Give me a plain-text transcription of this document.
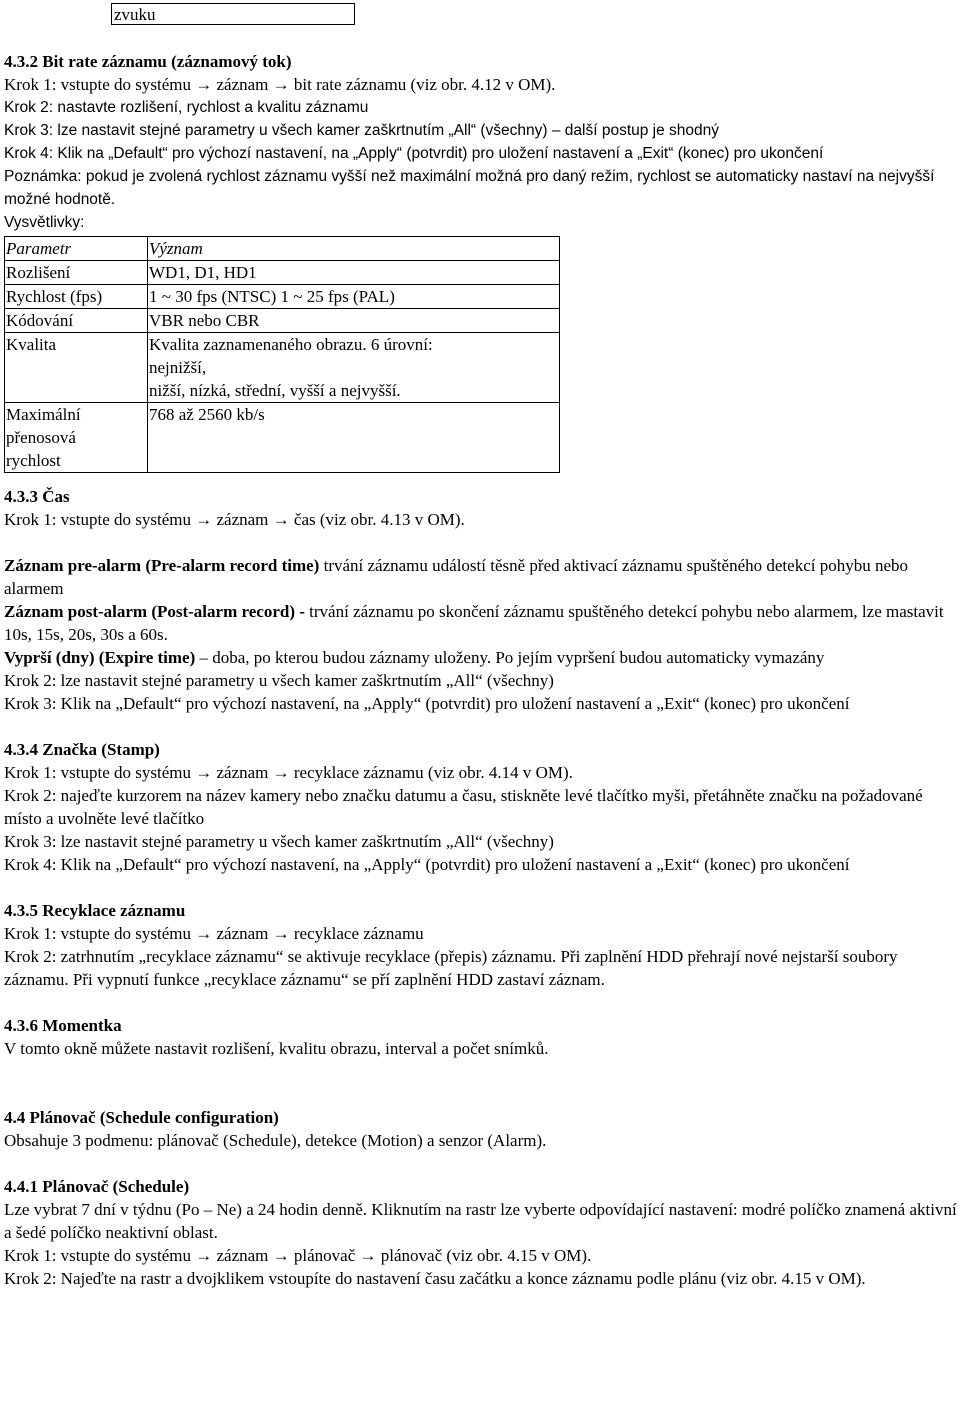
zvuku
4.3.2 Bit rate záznamu (záznamový tok)
Krok 1: vstupte do systému → záznam → bit rate záznamu (viz obr. 4.12 v OM).
Krok 2: nastavte rozlišení, rychlost a kvalitu záznamu
Krok 3: lze nastavit stejné parametry u všech kamer zaškrtnutím „All“ (všechny) – další postup je shodný
Krok 4: Klik na „Default“ pro výchozí nastavení, na „Apply“ (potvrdit) pro uložení nastavení a „Exit“ (konec) pro ukončení
Poznámka: pokud je zvolená rychlost záznamu vyšší než maximální možná pro daný režim, rychlost se automaticky nastaví na nejvyšší možné hodnotě.
Vysvětlivky:
Parametr	Význam
Rozlišení	WD1, D1, HD1
Rychlost (fps)	1 ~ 30 fps (NTSC) 1 ~ 25 fps (PAL)
Kódování	VBR nebo CBR
Kvalita	Kvalita zaznamenaného obrazu. 6 úrovní:
nejnižší,
nižší, nízká, střední, vyšší a nejvyšší.

Maximální
přenosová
rychlost	768 až 2560 kb/s
4.3.3 Čas
Krok 1: vstupte do systému → záznam → čas (viz obr. 4.13 v OM).
Záznam pre-alarm (Pre-alarm record time) trvání záznamu událostí těsně před aktivací záznamu spuštěného detekcí pohybu nebo alarmem
Záznam post-alarm (Post-alarm record) - trvání záznamu po skončení záznamu spuštěného detekcí pohybu nebo alarmem, lze mastavit 10s, 15s, 20s, 30s a 60s.
Vyprší (dny) (Expire time) – doba, po kterou budou záznamy uloženy. Po jejím vypršení budou automaticky vymazány
Krok 2: lze nastavit stejné parametry u všech kamer zaškrtnutím „All“ (všechny)
Krok 3: Klik na „Default“ pro výchozí nastavení, na „Apply“ (potvrdit) pro uložení nastavení a „Exit“ (konec) pro ukončení
4.3.4 Značka (Stamp)
Krok 1: vstupte do systému → záznam → recyklace záznamu (viz obr. 4.14 v OM).
Krok 2: najeďte kurzorem na název kamery nebo značku datumu a času, stiskněte levé tlačítko myši, přetáhněte značku na požadované místo a uvolněte levé tlačítko
Krok 3: lze nastavit stejné parametry u všech kamer zaškrtnutím „All“ (všechny)
Krok 4: Klik na „Default“ pro výchozí nastavení, na „Apply“ (potvrdit) pro uložení nastavení a „Exit“ (konec) pro ukončení
4.3.5 Recyklace záznamu
Krok 1: vstupte do systému → záznam → recyklace záznamu
Krok 2: zatrhnutím „recyklace záznamu“ se aktivuje recyklace (přepis) záznamu. Při zaplnění HDD přehrají nové nejstarší soubory záznamu. Při vypnutí funkce „recyklace záznamu“ se pří zaplnění HDD zastaví záznam.
4.3.6 Momentka
V tomto okně můžete nastavit rozlišení, kvalitu obrazu, interval a počet snímků.
4.4 Plánovač (Schedule configuration)
Obsahuje 3 podmenu: plánovač (Schedule), detekce (Motion) a senzor (Alarm).
4.4.1 Plánovač (Schedule)
Lze vybrat 7 dní v týdnu (Po – Ne) a 24 hodin denně. Kliknutím na rastr lze vyberte odpovídající nastavení: modré políčko znamená aktivní a šedé políčko neaktivní oblast.
Krok 1: vstupte do systému → záznam → plánovač → plánovač (viz obr. 4.15 v OM).
Krok 2: Najeďte na rastr a dvojklikem vstoupíte do nastavení času začátku a konce záznamu podle plánu (viz obr. 4.15 v OM).
